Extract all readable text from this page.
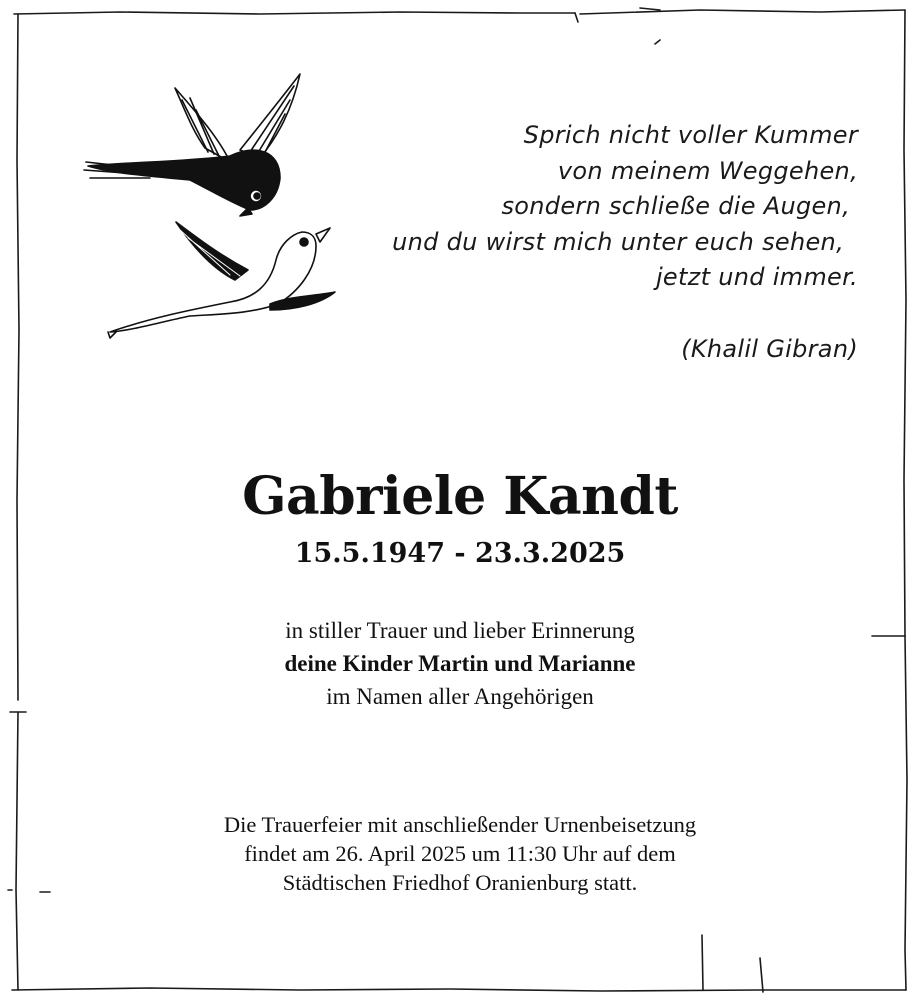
Sprich nicht voller Kummer
von meinem Weggehen,
sondern schließe die Augen,
und du wirst mich unter euch sehen,
jetzt und immer.
(Khalil Gibran)
Gabriele Kandt
15.5.1947 - 23.3.2025
in stiller Trauer und lieber Erinnerung
deine Kinder Martin und Marianne
im Namen aller Angehörigen
Die Trauerfeier mit anschließender Urnenbeisetzung
findet am 26. April 2025 um 11:30 Uhr auf dem
Städtischen Friedhof Oranienburg statt.
